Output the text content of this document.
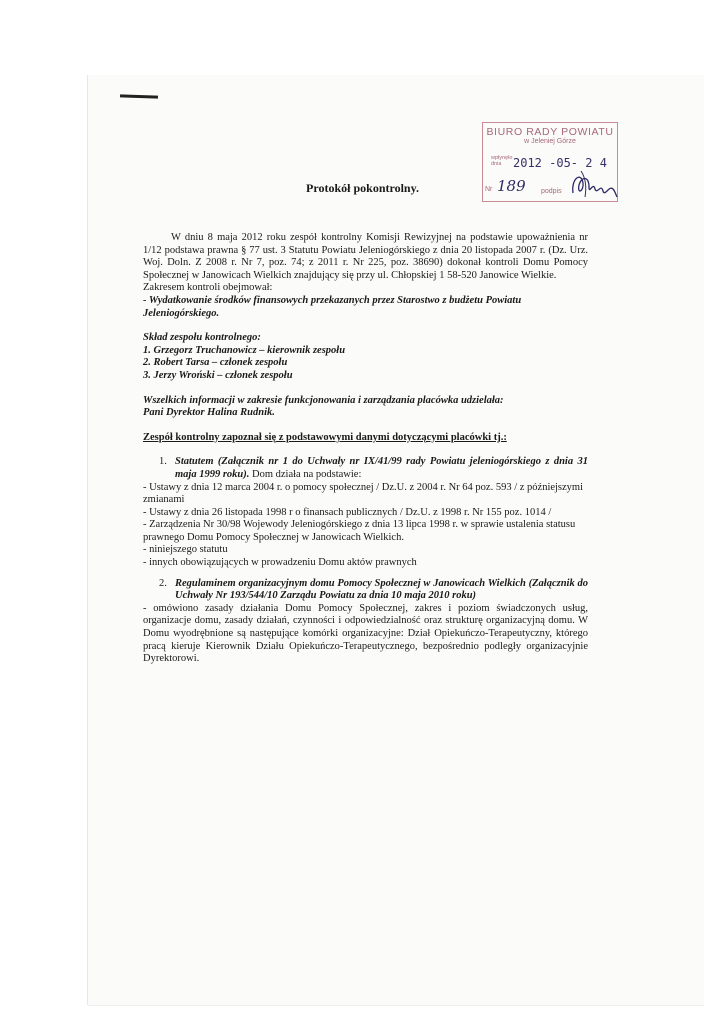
BIURO RADY POWIATU
w Jeleniej Górze
wpłynęło dnia 2012 -05- 2 4
Nr 189 podpis
Protokół pokontrolny.

W dniu 8 maja 2012 roku zespół kontrolny Komisji Rewizyjnej na podstawie upoważnienia nr 1/12 podstawa prawna § 77 ust. 3 Statutu Powiatu Jeleniogórskiego z dnia 20 listopada 2007 r. (Dz. Urz. Woj. Doln. Z 2008 r. Nr 7, poz. 74; z 2011 r. Nr 225, poz. 38690) dokonał kontroli Domu Pomocy Społecznej w Janowicach Wielkich znajdujący się przy ul. Chłopskiej 1 58-520 Janowice Wielkie.

Zakresem kontroli obejmował:

- Wydatkowanie środków finansowych przekazanych przez Starostwo z budżetu Powiatu Jeleniogórskiego.

Skład zespołu kontrolnego:

1. Grzegorz Truchanowicz – kierownik zespołu

2. Robert Tarsa – członek zespołu

3. Jerzy Wroński – członek zespołu

Wszelkich informacji w zakresie funkcjonowania i zarządzania placówka udzielała:

Pani Dyrektor Halina Rudnik.

Zespół kontrolny zapoznał się z podstawowymi danymi dotyczącymi placówki tj.:

1. Statutem (Załącznik nr 1 do Uchwały nr IX/41/99 rady Powiatu jeleniogórskiego z dnia 31 maja 1999 roku). Dom działa na podstawie:

- Ustawy z dnia 12 marca 2004 r. o pomocy społecznej / Dz.U. z 2004 r. Nr 64 poz. 593 / z późniejszymi

zmianami

- Ustawy z dnia 26 listopada 1998 r o finansach publicznych / Dz.U. z 1998 r. Nr 155 poz. 1014 /

- Zarządzenia Nr 30/98 Wojewody Jeleniogórskiego z dnia 13 lipca 1998 r. w sprawie ustalenia statusu prawnego Domu Pomocy Społecznej w Janowicach Wielkich.

- niniejszego statutu

- innych obowiązujących w prowadzeniu Domu aktów prawnych

2. Regulaminem organizacyjnym domu Pomocy Społecznej w Janowicach Wielkich (Załącznik do Uchwały Nr 193/544/10 Zarządu Powiatu za dnia 10 maja 2010 roku)

- omówiono zasady działania Domu Pomocy Społecznej, zakres i poziom świadczonych usług, organizacje domu, zasady działań, czynności i odpowiedzialność oraz strukturę organizacyjną domu. W Domu wyodrębnione są następujące komórki organizacyjne: Dział Opiekuńczo-Terapeutyczny, którego pracą kieruje Kierownik Działu Opiekuńczo-Terapeutycznego, bezpośrednio podległy organizacyjnie Dyrektorowi.
